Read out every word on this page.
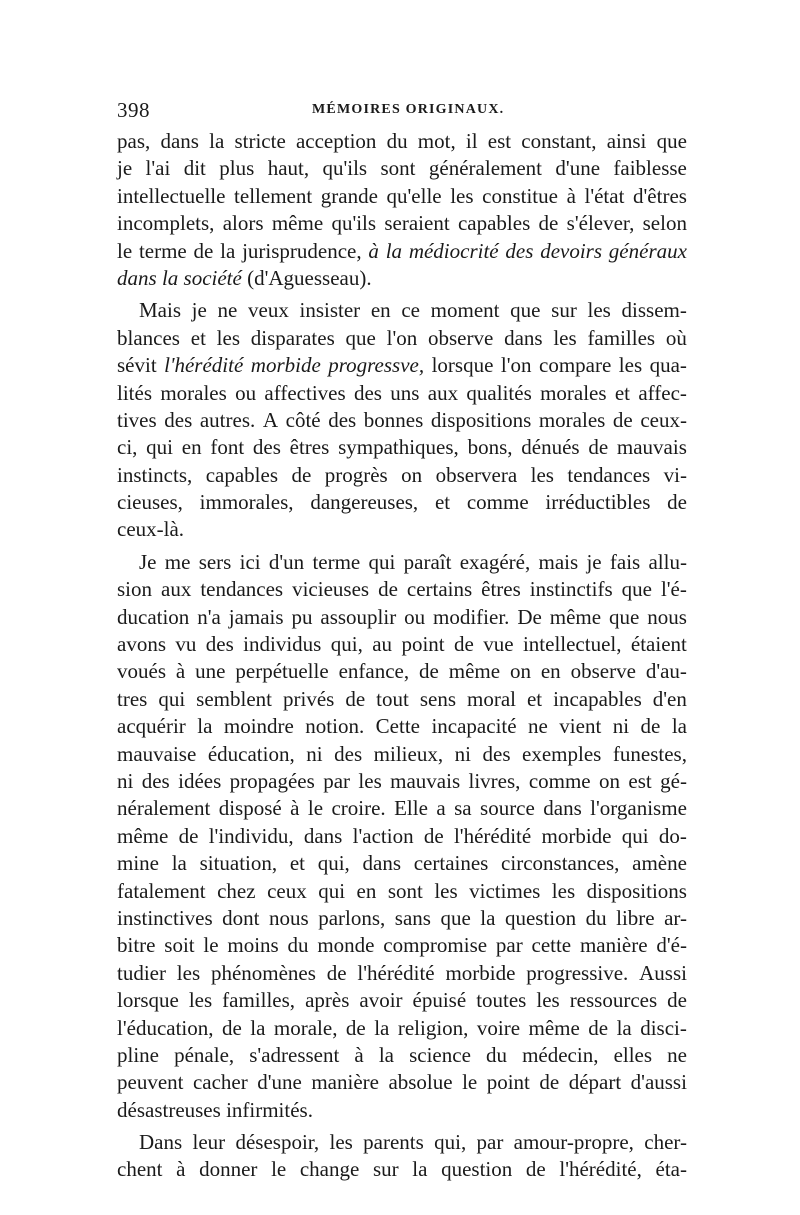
398	MÉMOIRES ORIGINAUX.
pas, dans la stricte acception du mot, il est constant, ainsi que
je l'ai dit plus haut, qu'ils sont généralement d'une faiblesse
intellectuelle tellement grande qu'elle les constitue à l'état d'êtres
incomplets, alors même qu'ils seraient capables de s'élever, selon
le terme de la jurisprudence, à la médiocrité des devoirs généraux
dans
la
société
(d'Aguesseau).
Mais je ne veux insister en ce moment que sur les dissem-
blances et les disparates que l'on observe dans les familles où
sévit l'hérédité morbide progressve, lorsque l'on compare les qua-
lités morales ou affectives des uns aux qualités morales et affec-
tives des autres. A côté des bonnes dispositions morales de ceux-
ci, qui en font des êtres sympathiques, bons, dénués de mauvais
instincts, capables de progrès on observera les tendances vi-
cieuses, immorales, dangereuses, et comme irréductibles de
ceux-là.
Je me sers ici d'un terme qui paraît exagéré, mais je fais allu-
sion aux tendances vicieuses de certains êtres instinctifs que l'é-
ducation n'a jamais pu assouplir ou modifier. De même que nous
avons vu des individus qui, au point de vue intellectuel, étaient
voués à une perpétuelle enfance, de même on en observe d'au-
tres qui semblent privés de tout sens moral et incapables d'en
acquérir la moindre notion. Cette incapacité ne vient ni de la
mauvaise éducation, ni des milieux, ni des exemples funestes,
ni des idées propagées par les mauvais livres, comme on est gé-
néralement disposé à le croire. Elle a sa source dans l'organisme
même de l'individu, dans l'action de l'hérédité morbide qui do-
mine la situation, et qui, dans certaines circonstances, amène
fatalement chez ceux qui en sont les victimes les dispositions
instinctives dont nous parlons, sans que la question du libre ar-
bitre soit le moins du monde compromise par cette manière d'é-
tudier les phénomènes de l'hérédité morbide progressive. Aussi
lorsque les familles, après avoir épuisé toutes les ressources de
l'éducation, de la morale, de la religion, voire même de la disci-
pline pénale, s'adressent à la science du médecin, elles ne
peuvent cacher d'une manière absolue le point de départ d'aussi
désastreuses
infirmités.
Dans leur désespoir, les parents qui, par amour-propre, cher-
chent à donner le change sur la question de l'hérédité, éta-
